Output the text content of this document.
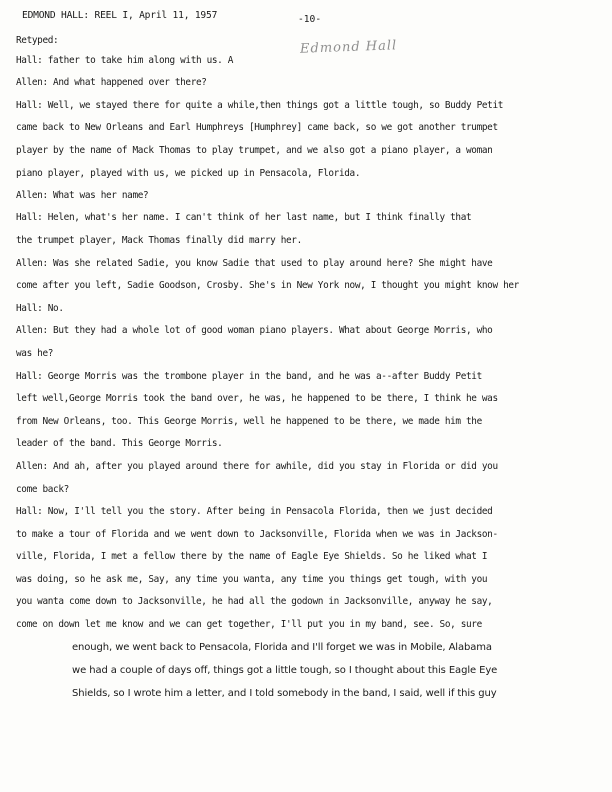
EDMOND HALL: REEL I, April 11, 1957	-10-
Edmond Hall
Retyped:
Hall: father to take him along with us. A
Allen: And what happened over there?
Hall: Well, we stayed there for quite a while,then things got a little tough, so Buddy Petit
came back to New Orleans and Earl Humphreys [Humphrey] came back, so we got another trumpet
player by the name of Mack Thomas to play trumpet, and we also got a piano player, a woman
piano player, played with us, we picked up in Pensacola, Florida.
Allen: What was her name?
Hall: Helen, what's her name. I can't think of her last name, but I think finally that
the trumpet player, Mack Thomas finally did marry her.
Allen: Was she related Sadie, you know Sadie that used to play around here? She might have
come after you left, Sadie Goodson, Crosby. She's in New York now, I thought you might know her
Hall: No.
Allen: But they had a whole lot of good woman piano players. What about George Morris, who
was he?
Hall: George Morris was the trombone player in the band, and he was a--after Buddy Petit
left well,George Morris took the band over, he was, he happened to be there, I think he was
from New Orleans, too. This George Morris, well he happened to be there, we made him the
leader of the band. This George Morris.
Allen: And ah, after you played around there for awhile, did you stay in Florida or did you
come back?
Hall: Now, I'll tell you the story. After being in Pensacola Florida, then we just decided
to make a tour of Florida and we went down to Jacksonville, Florida when we was in Jackson-
ville, Florida, I met a fellow there by the name of Eagle Eye Shields. So he liked what I
was doing, so he ask me, Say, any time you wanta, any time you things get tough, with you
you wanta come down to Jacksonville, he had all the godown in Jacksonville, anyway he say,
come on down let me know and we can get together, I'll put you in my band, see. So, sure
enough, we went back to Pensacola, Florida and I'll forget we was in Mobile, Alabama
we had a couple of days off, things got a little tough, so I thought about this Eagle Eye
Shields, so I wrote him a letter, and I told somebody in the band, I said, well if this guy
